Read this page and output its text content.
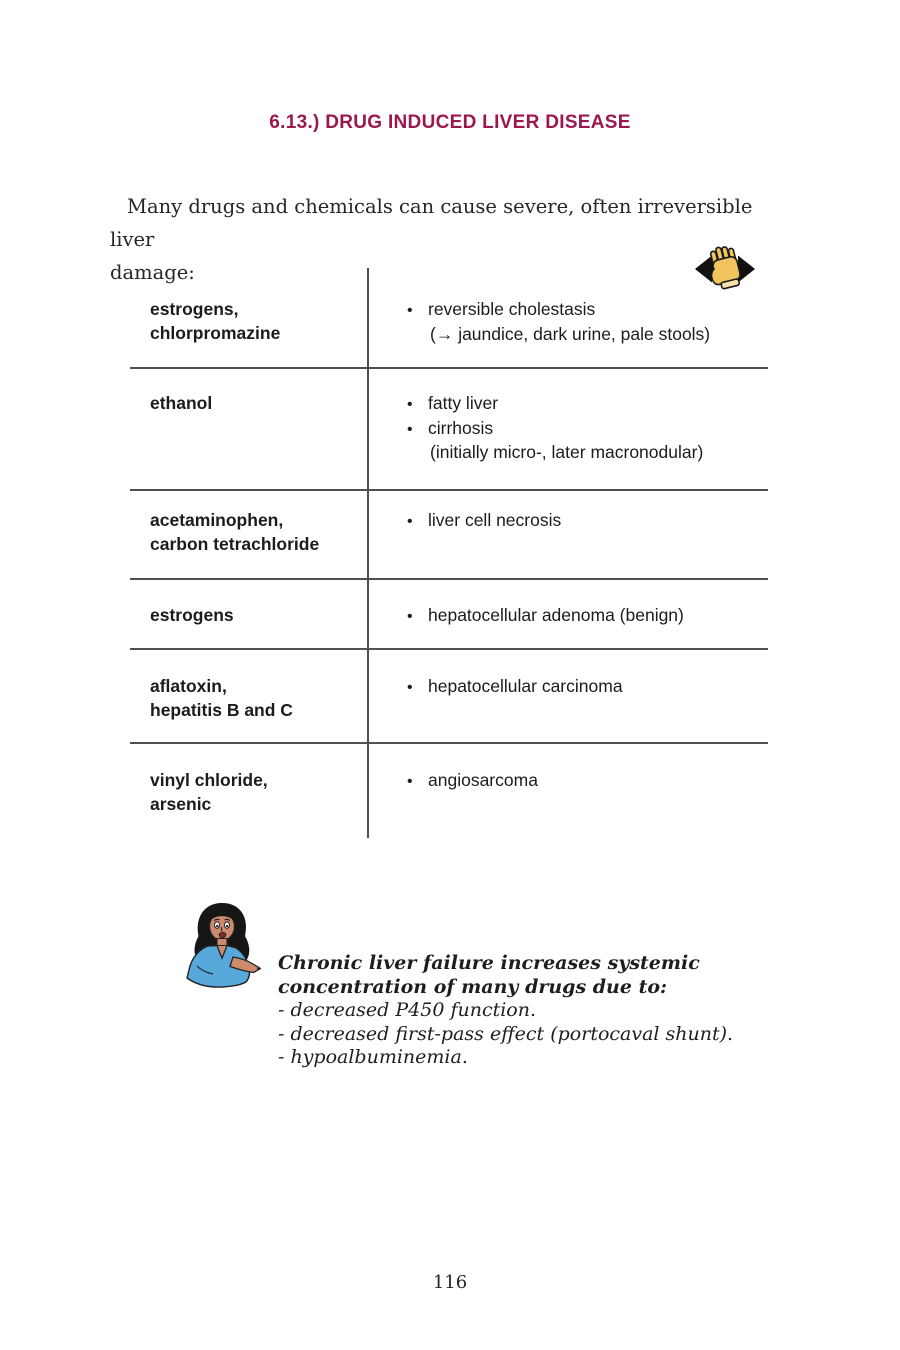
6.13.) DRUG INDUCED LIVER DISEASE
Many drugs and chemicals can cause severe, often irreversible liver
damage:
estrogens,
chlorpromazine
• reversible cholestasis
(→ jaundice, dark urine, pale stools)
ethanol	• fatty liver
• cirrhosis
(initially micro-, later macronodular)
acetaminophen,
carbon tetrachloride
• liver cell necrosis
estrogens	• hepatocellular adenoma (benign)
aflatoxin,
hepatitis B and C
• hepatocellular carcinoma
vinyl chloride,
arsenic
• angiosarcoma
Chronic liver failure increases systemic
concentration of many drugs due to:
- decreased P450 function.
- decreased first-pass effect (portocaval shunt).
- hypoalbuminemia.
116
